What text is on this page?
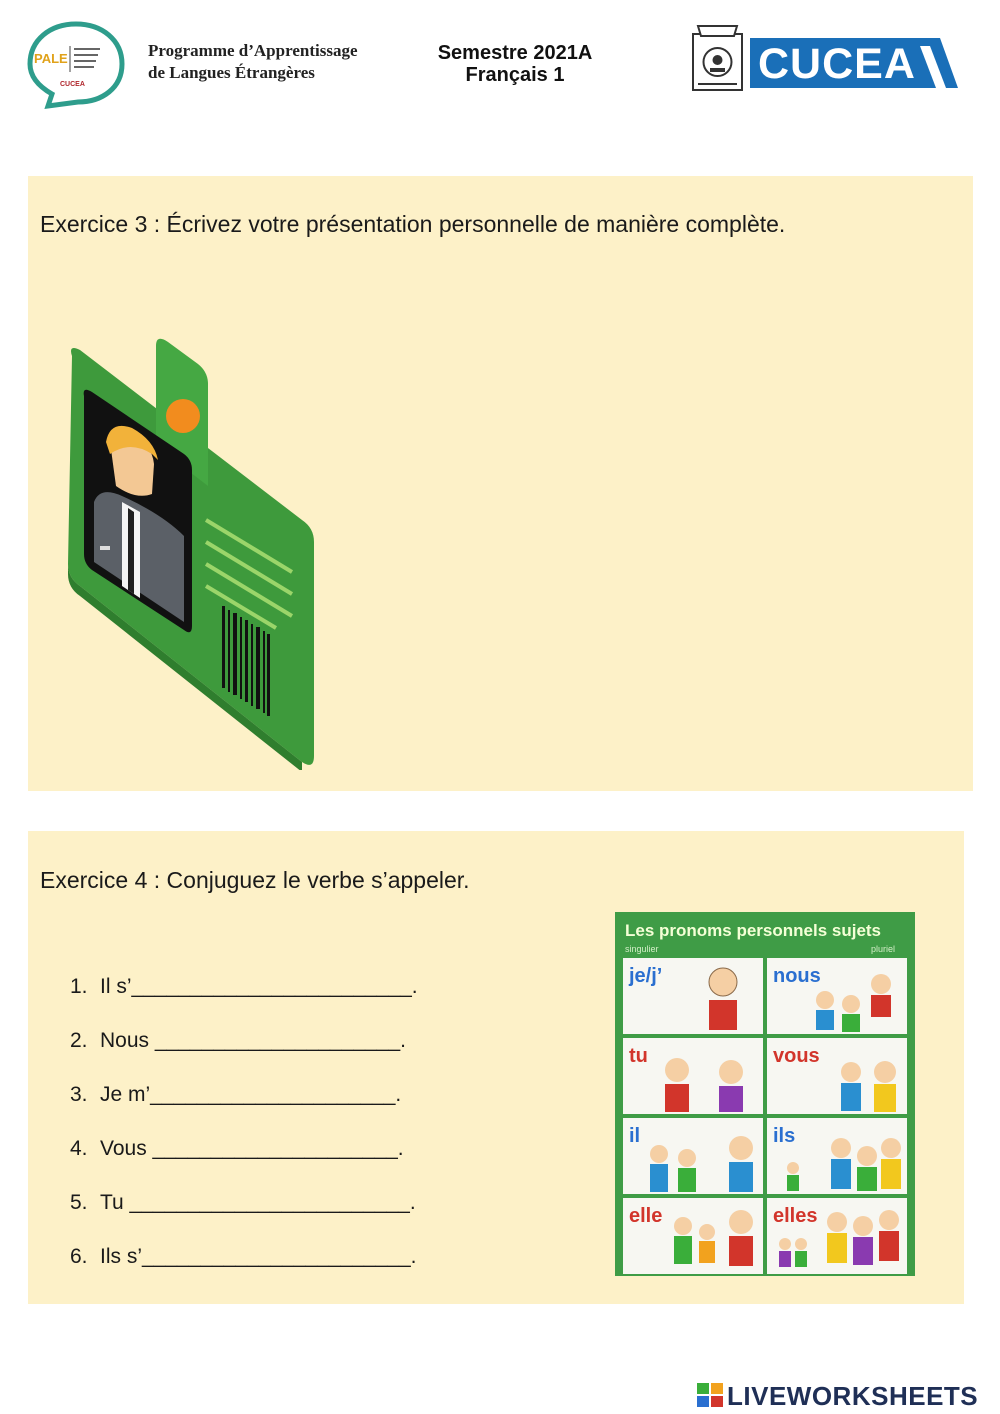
PALE
CUCEA
Programme d’Apprentissage
de Langues Étrangères
Semestre 2021A
Français 1	CUCEA
Exercice 3 : Écrivez votre présentation personnelle de manière complète.
Exercice 4 : Conjuguez le verbe s’appeler.
1. Il s’________________________.
2. Nous _____________________.
3. Je m’_____________________.
4. Vous _____________________.
5. Tu ________________________.
6. Ils s’_______________________.
Les pronoms personnels sujets
singulier	pluriel
je/j’	nous
tu	vous
il	ils
elle	elles
LIVEWORKSHEETS
